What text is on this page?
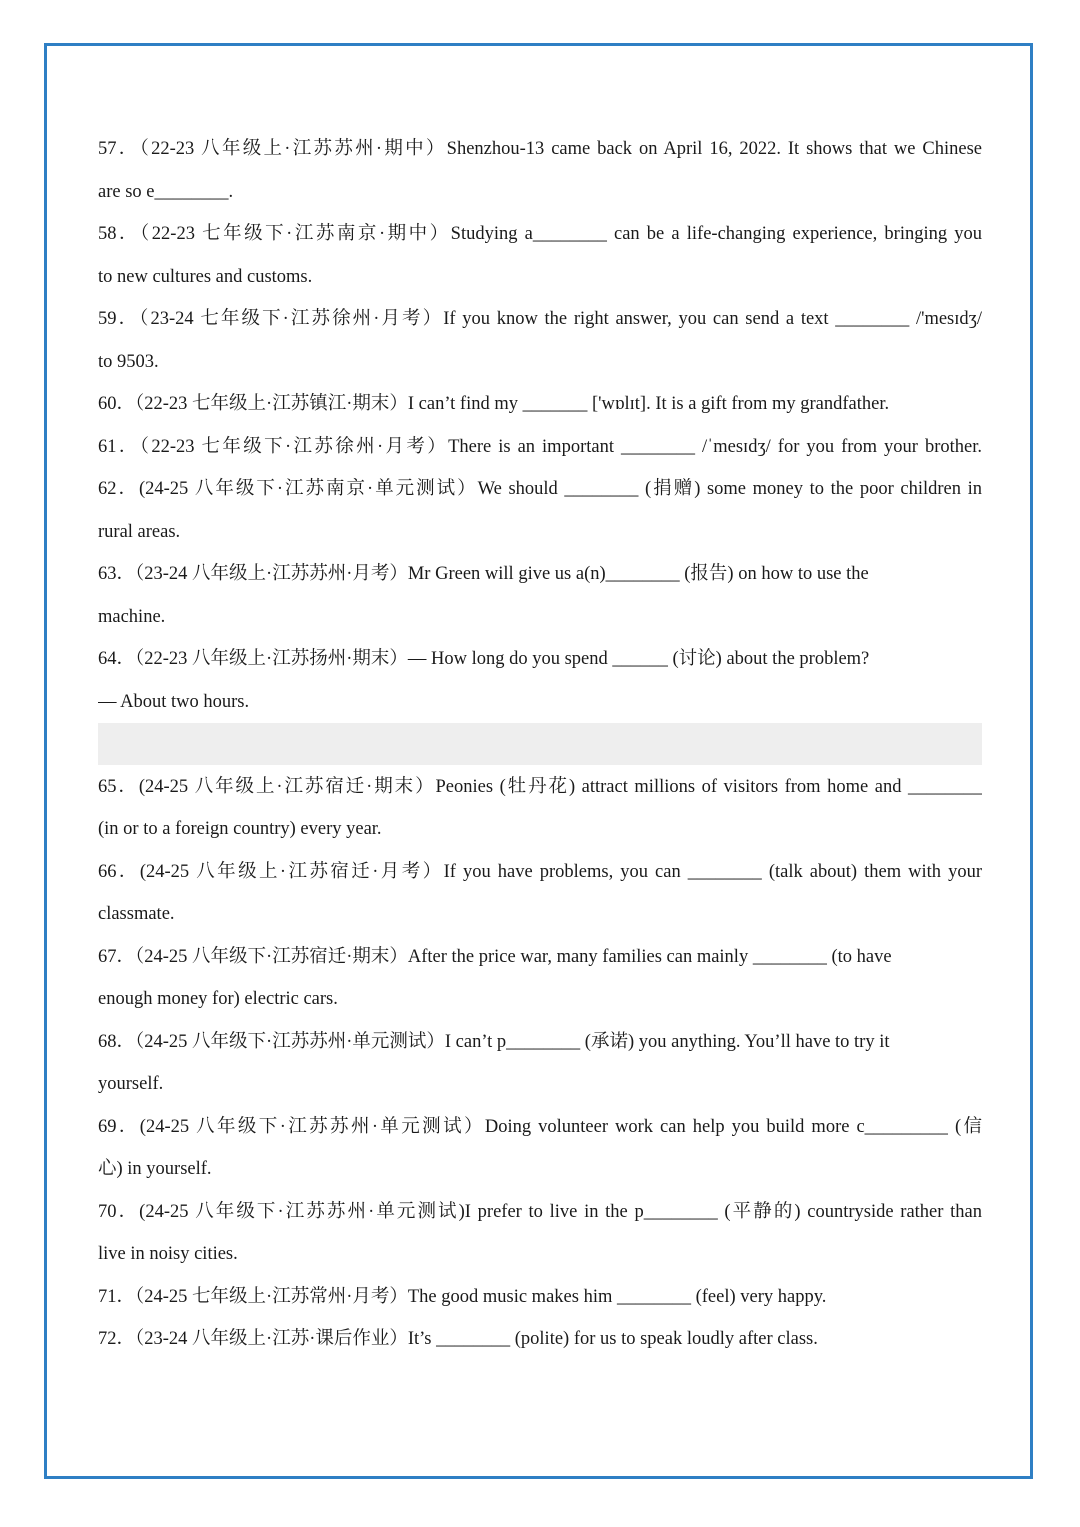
57．（22-23 八年级上·江苏苏州·期中）Shenzhou-13 came back on April 16, 2022. It shows that we Chinese
are so e________.
58．（22-23 七年级下·江苏南京·期中）Studying a________ can be a life-changing experience, bringing you
to new cultures and customs.
59．（23-24 七年级下·江苏徐州·月考）If you know the right answer, you can send a text ________ /'mesɪdʒ/
to 9503.
60．（22-23 七年级上·江苏镇江·期末）I can’t find my _______ ['wɒlɪt]. It is a gift from my grandfather.
61．（22-23 七年级下·江苏徐州·月考）There is an important ________ /ˈmesɪdʒ/ for you from your brother.
62．(24-25 八年级下·江苏南京·单元测试）We should ________ (捐赠) some money to the poor children in
rural areas.
63．（23-24 八年级上·江苏苏州·月考）Mr Green will give us a(n)________ (报告) on how to use the
machine.
64．（22-23 八年级上·江苏扬州·期末）— How long do you spend ______ (讨论) about the problem?
— About two hours.
65．(24-25 八年级上·江苏宿迁·期末）Peonies (牡丹花) attract millions of visitors from home and ________
(in or to a foreign country) every year.
66．(24-25 八年级上·江苏宿迁·月考）If you have problems, you can ________ (talk about) them with your
classmate.
67．（24-25 八年级下·江苏宿迁·期末）After the price war, many families can mainly ________ (to have
enough money for) electric cars.
68．（24-25 八年级下·江苏苏州·单元测试）I can’t p________ (承诺) you anything. You’ll have to try it
yourself.
69．(24-25 八年级下·江苏苏州·单元测试）Doing volunteer work can help you build more c_________ (信
心) in yourself.
70．(24-25 八年级下·江苏苏州·单元测试)I prefer to live in the p________ (平静的) countryside rather than
live in noisy cities.
71．（24-25 七年级上·江苏常州·月考）The good music makes him ________ (feel) very happy.
72．（23-24 八年级上·江苏·课后作业）It’s ________ (polite) for us to speak loudly after class.
